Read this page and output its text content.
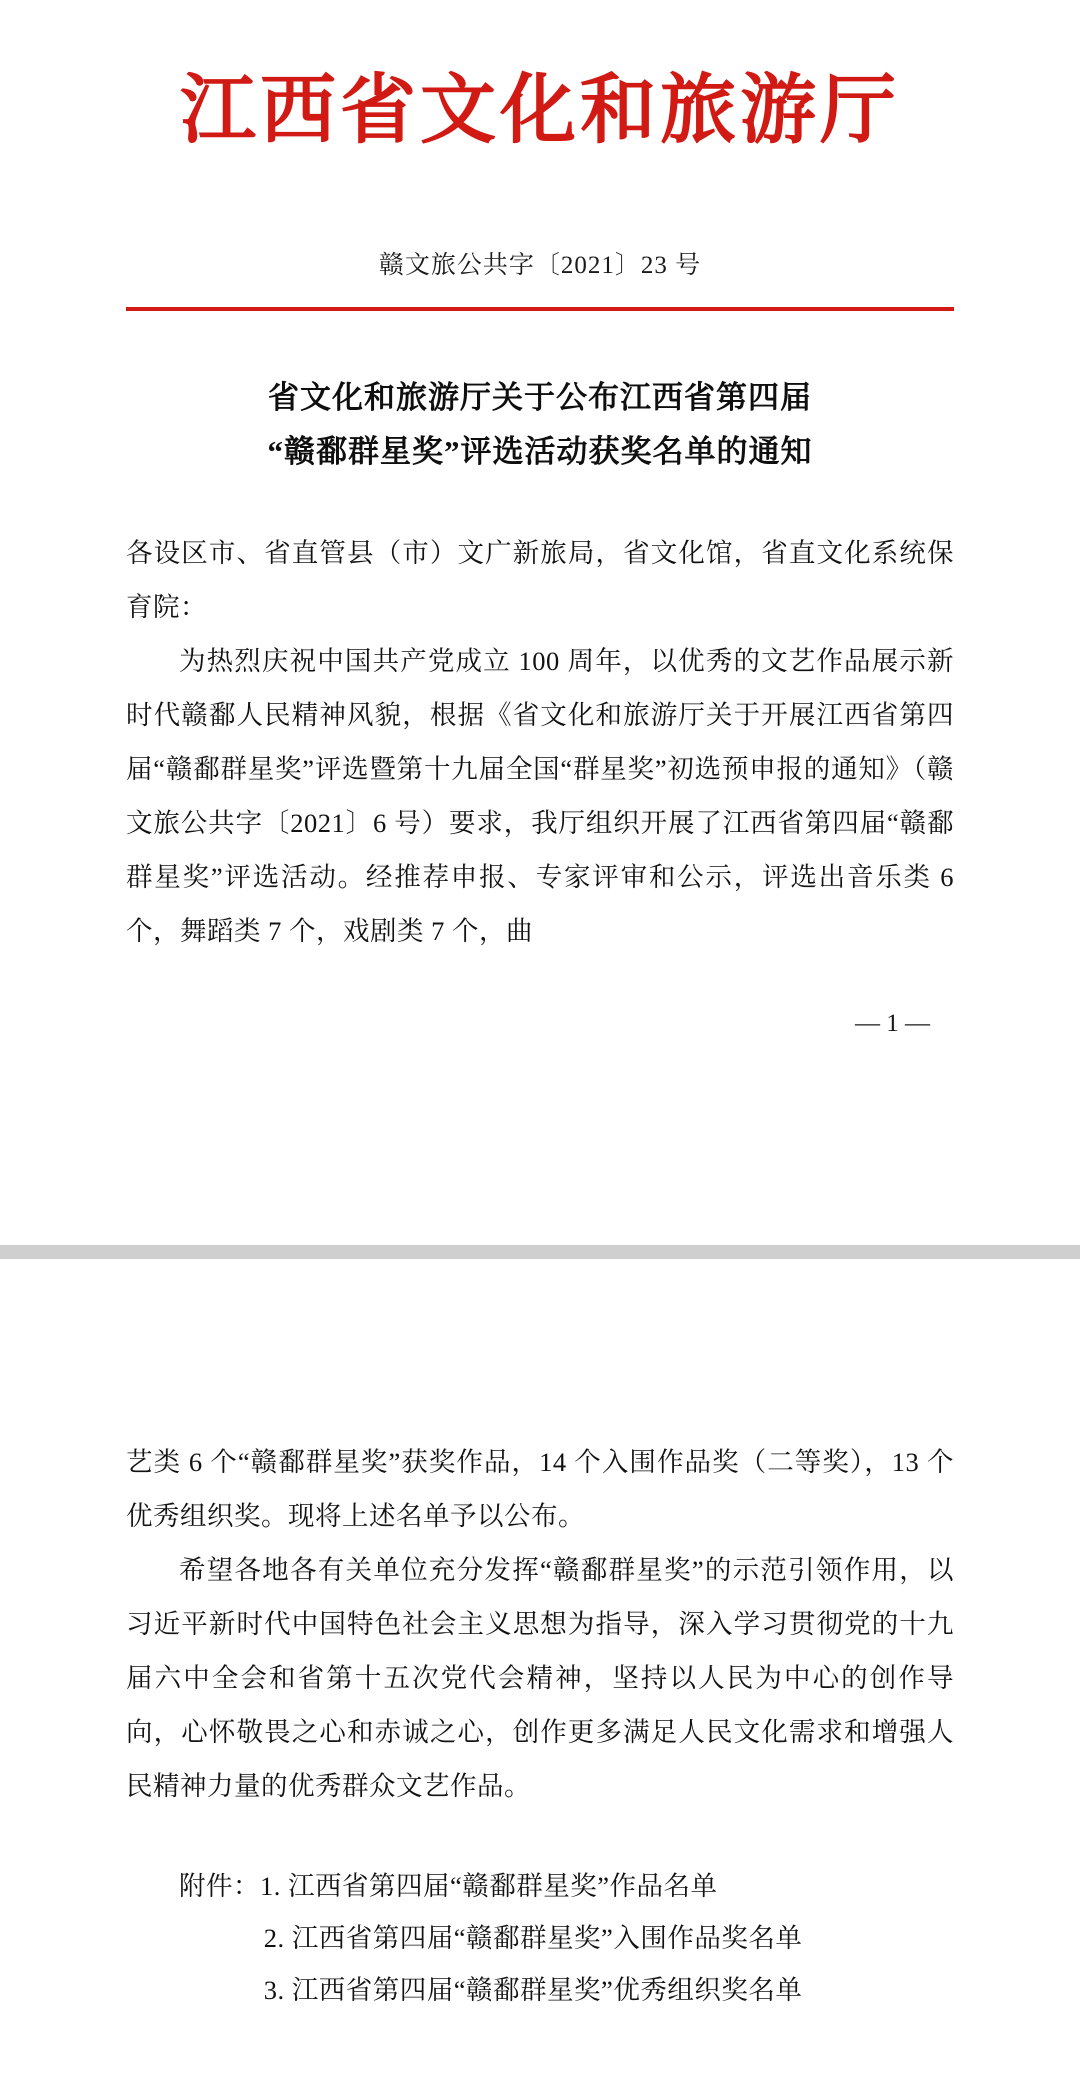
江西省文化和旅游厅
赣文旅公共字〔2021〕23 号
省文化和旅游厅关于公布江西省第四届
“赣鄱群星奖”评选活动获奖名单的通知

各设区市、省直管县（市）文广新旅局，省文化馆，省直文化系统保育院：

为热烈庆祝中国共产党成立 100 周年，以优秀的文艺作品展示新时代赣鄱人民精神风貌，根据《省文化和旅游厅关于开展江西省第四届“赣鄱群星奖”评选暨第十九届全国“群星奖”初选预申报的通知》（赣文旅公共字〔2021〕6 号）要求，我厅组织开展了江西省第四届“赣鄱群星奖”评选活动。经推荐申报、专家评审和公示，评选出音乐类 6 个，舞蹈类 7 个，戏剧类 7 个，曲

— 1 —

艺类 6 个“赣鄱群星奖”获奖作品，14 个入围作品奖（二等奖），13 个优秀组织奖。现将上述名单予以公布。

希望各地各有关单位充分发挥“赣鄱群星奖”的示范引领作用，以习近平新时代中国特色社会主义思想为指导，深入学习贯彻党的十九届六中全会和省第十五次党代会精神，坚持以人民为中心的创作导向，心怀敬畏之心和赤诚之心，创作更多满足人民文化需求和增强人民精神力量的优秀群众文艺作品。

附件：1. 江西省第四届“赣鄱群星奖”作品名单

2. 江西省第四届“赣鄱群星奖”入围作品奖名单

3. 江西省第四届“赣鄱群星奖”优秀组织奖名单
